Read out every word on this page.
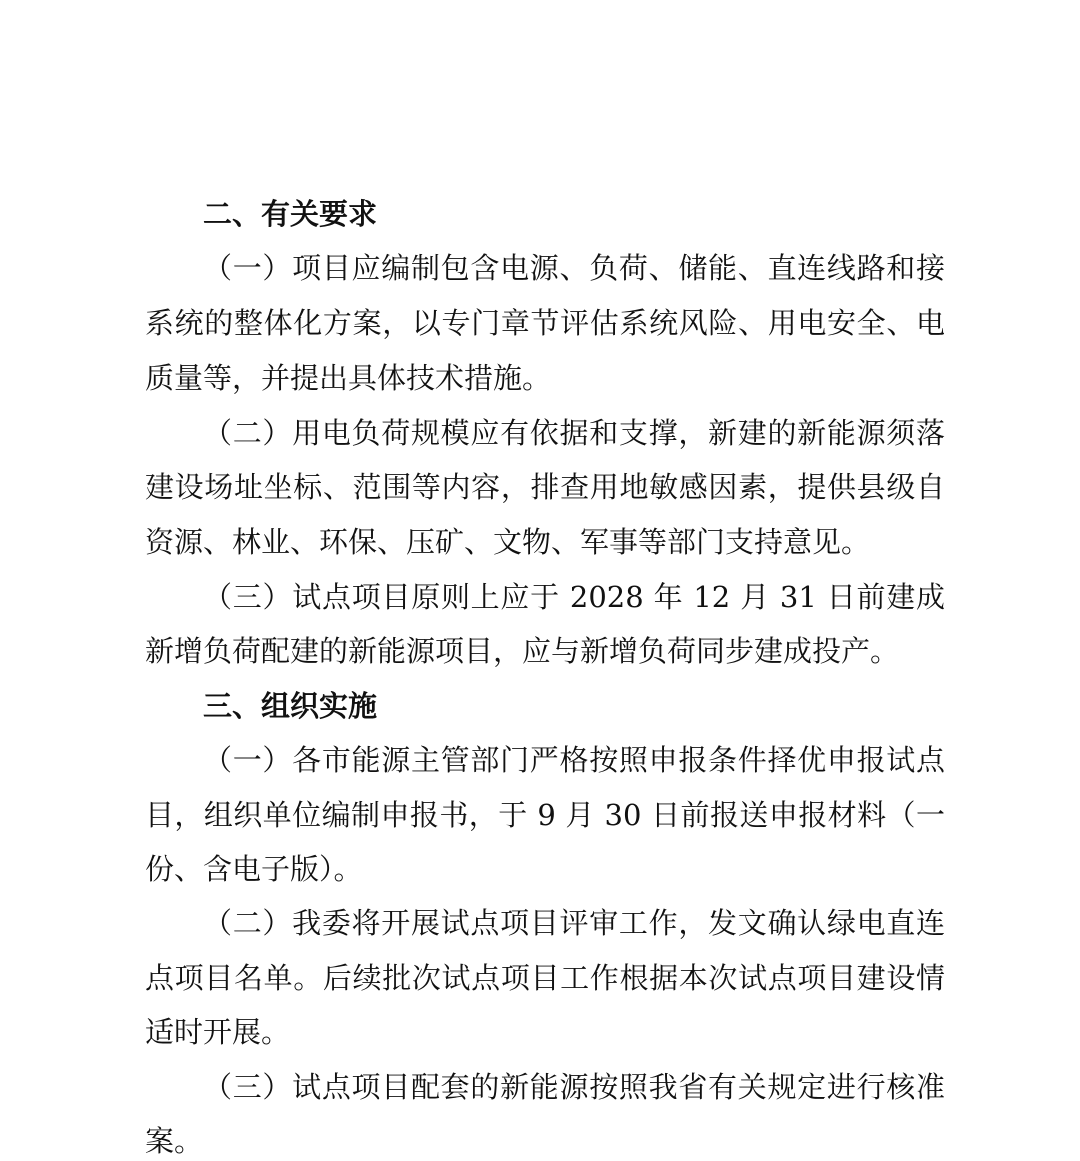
二、有关要求
（一）项目应编制包含电源、负荷、储能、直连线路和接
系统的整体化方案，以专门章节评估系统风险、用电安全、电
质量等，并提出具体技术措施。
（二）用电负荷规模应有依据和支撑，新建的新能源须落
建设场址坐标、范围等内容，排查用地敏感因素，提供县级自
资源、林业、环保、压矿、文物、军事等部门支持意见。
（三）试点项目原则上应于 2028 年 12 月 31 日前建成
新增负荷配建的新能源项目，应与新增负荷同步建成投产。
三、组织实施
（一）各市能源主管部门严格按照申报条件择优申报试点
目，组织单位编制申报书，于 9 月 30 日前报送申报材料（一
份、含电子版）。
（二）我委将开展试点项目评审工作，发文确认绿电直连
点项目名单。后续批次试点项目工作根据本次试点项目建设情
适时开展。
（三）试点项目配套的新能源按照我省有关规定进行核准
案。
